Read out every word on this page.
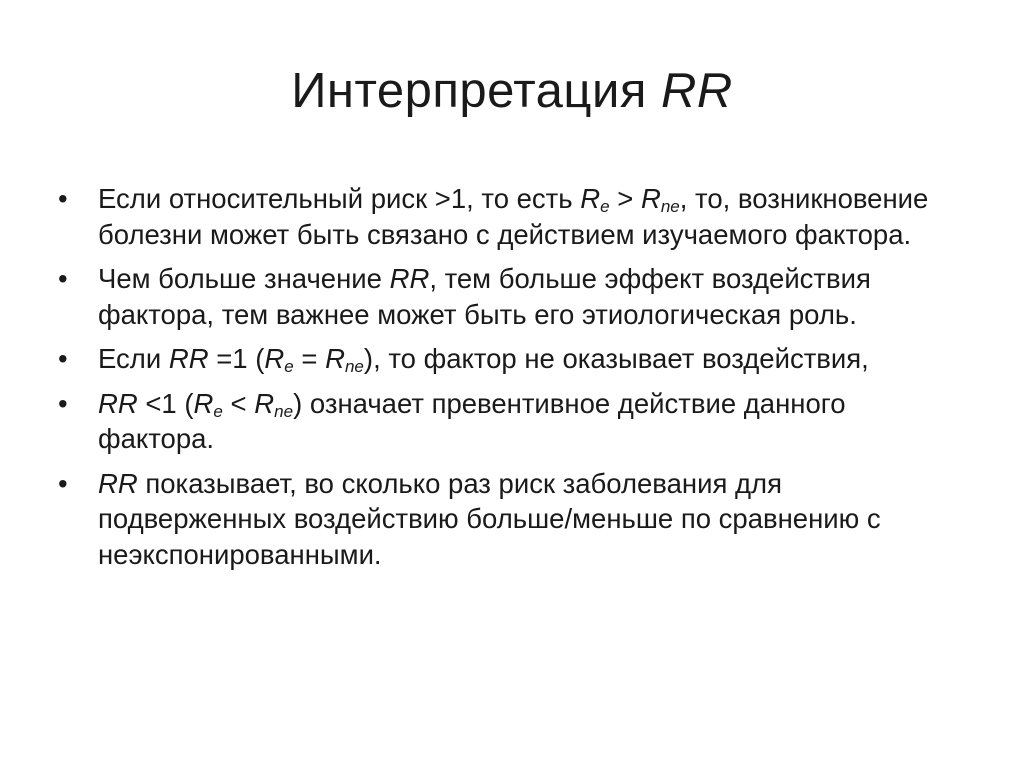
Интерпретация RR
•	Если относительный риск >1, то есть $R_e > R_{ne}$, то, возникновение болезни может быть связано с действием изучаемого фактора.
•	Чем больше значение RR, тем больше эффект воздействия фактора, тем важнее может быть его этиологическая роль.
•	Если RR =1 $(R_e = R_{ne})$, то фактор не оказывает воздействия,
•	RR <1 $(R_e < R_{ne})$ означает превентивное действие данного фактора.
•	RR показывает, во сколько раз риск заболевания для подверженных воздействию больше/меньше по сравнению с неэкспонированными.
